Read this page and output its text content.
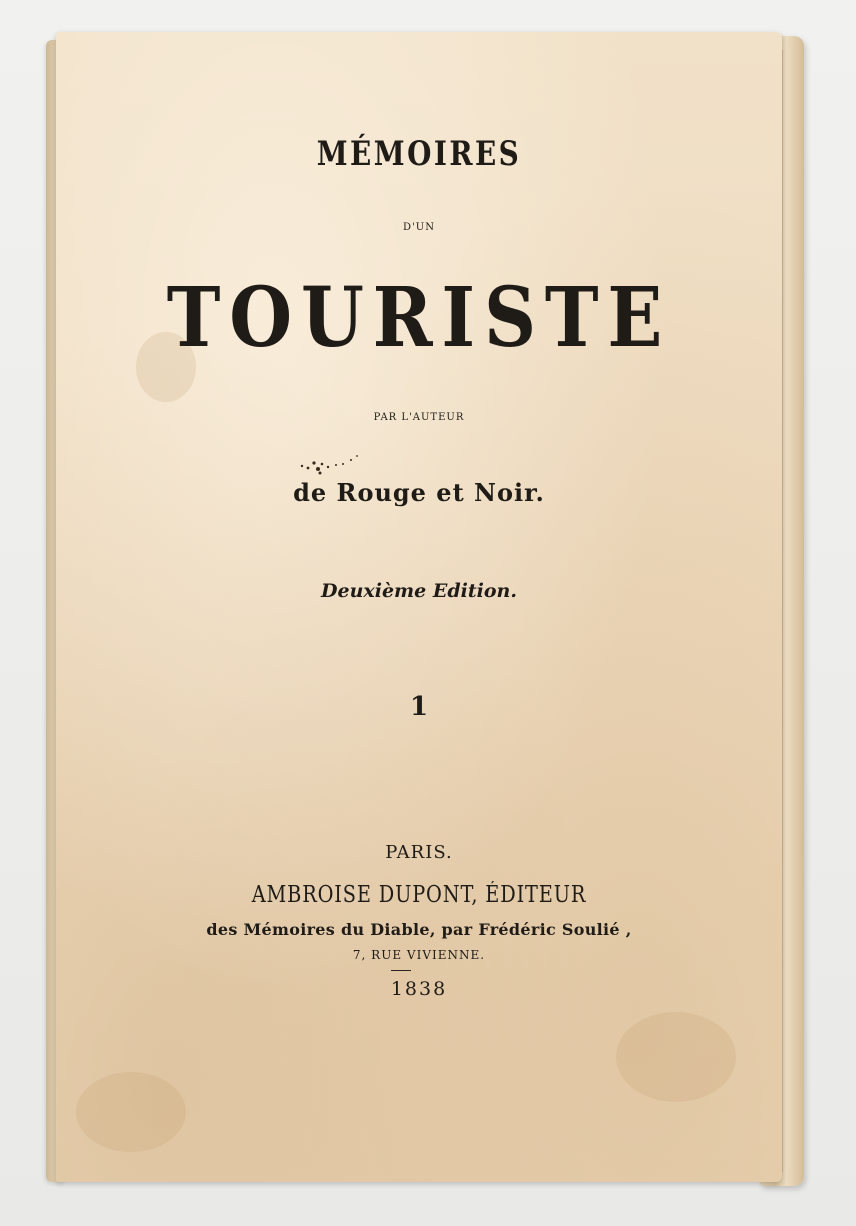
MÉMOIRES
D'UN
TOURISTE
PAR L'AUTEUR
de Rouge et Noir.
Deuxième Edition.
1
PARIS.
AMBROISE DUPONT, ÉDITEUR
des Mémoires du Diable, par Frédéric Soulié ,
7, RUE VIVIENNE.
1838
